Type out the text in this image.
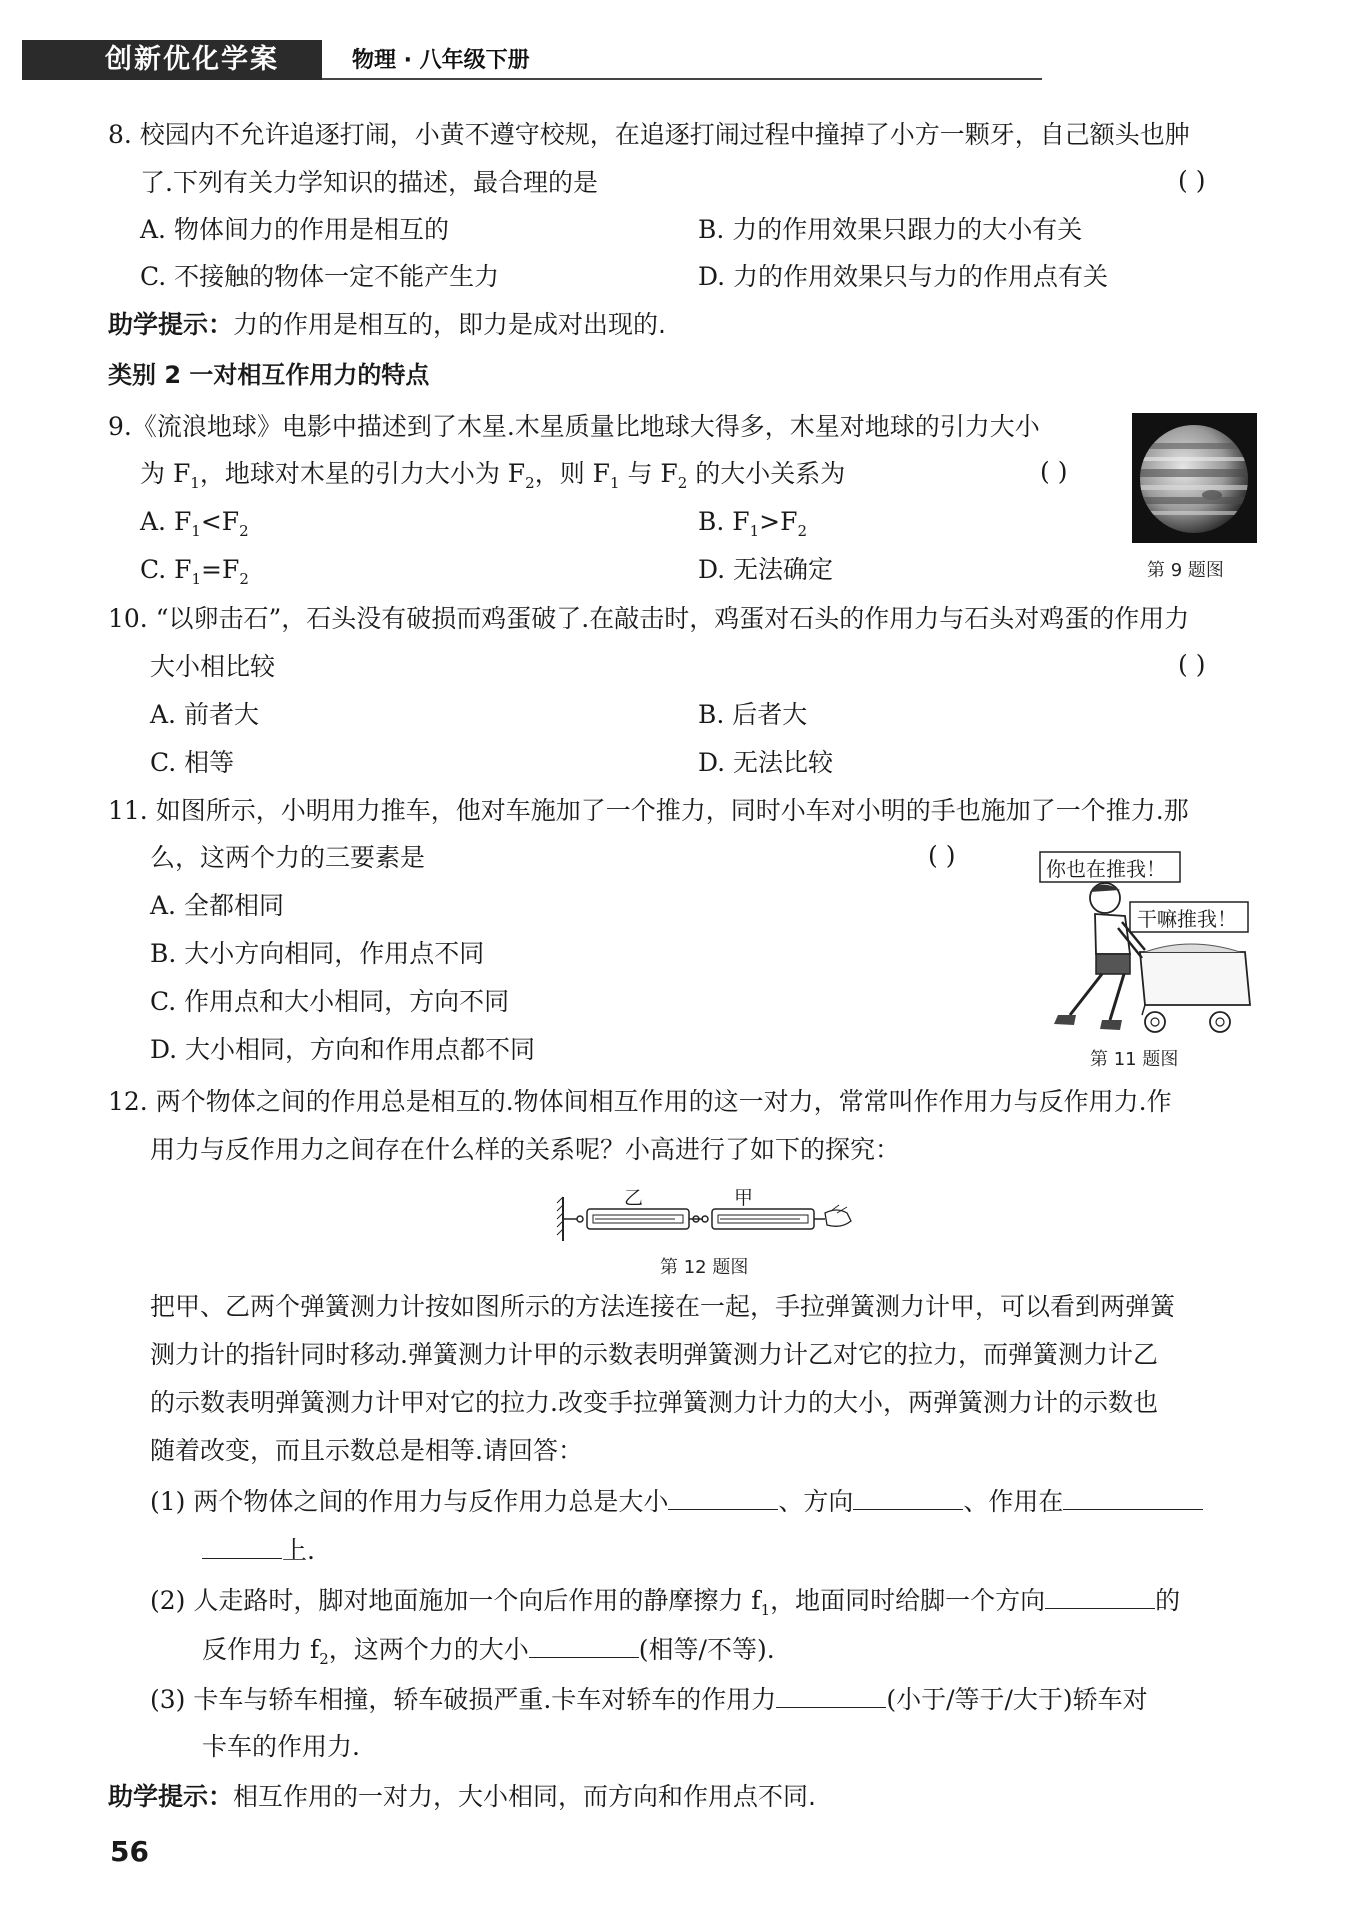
创新优化学案	物理 · 八年级下册
8. 校园内不允许追逐打闹，小黄不遵守校规，在追逐打闹过程中撞掉了小方一颗牙，自己额头也肿
了.下列有关力学知识的描述，最合理的是	( )
A. 物体间力的作用是相互的	B. 力的作用效果只跟力的大小有关
C. 不接触的物体一定不能产生力	D. 力的作用效果只与力的作用点有关
助学提示：力的作用是相互的，即力是成对出现的.
类别 2 一对相互作用力的特点
9.《流浪地球》电影中描述到了木星.木星质量比地球大得多，木星对地球的引力大小
为 $F_1$，地球对木星的引力大小为 $F_2$，则 $F_1$ 与 $F_2$ 的大小关系为	( )
A. $F_1<F_2$	B. $F_1>F_2$
C. $F_1=F_2$	D. 无法确定	第 9 题图
10. “以卵击石”，石头没有破损而鸡蛋破了.在敲击时，鸡蛋对石头的作用力与石头对鸡蛋的作用力
大小相比较	( )
A. 前者大	B. 后者大
C. 相等	D. 无法比较
11. 如图所示，小明用力推车，他对车施加了一个推力，同时小车对小明的手也施加了一个推力.那
么，这两个力的三要素是	( )
A. 全都相同
B. 大小方向相同，作用点不同
C. 作用点和大小相同，方向不同
D. 大小相同，方向和作用点都不同
你也在推我！
干嘛推我！
第 11 题图
12. 两个物体之间的作用总是相互的.物体间相互作用的这一对力，常常叫作作用力与反作用力.作
用力与反作用力之间存在什么样的关系呢？小高进行了如下的探究：
乙	甲
第 12 题图
把甲、乙两个弹簧测力计按如图所示的方法连接在一起，手拉弹簧测力计甲，可以看到两弹簧
测力计的指针同时移动.弹簧测力计甲的示数表明弹簧测力计乙对它的拉力，而弹簧测力计乙
的示数表明弹簧测力计甲对它的拉力.改变手拉弹簧测力计力的大小，两弹簧测力计的示数也
随着改变，而且示数总是相等.请回答：
(1) 两个物体之间的作用力与反作用力总是大小	、方向	、作用在
上.
(2) 人走路时，脚对地面施加一个向后作用的静摩擦力 $f_1$，地面同时给脚一个方向	的
反作用力 $f_2$，这两个力的大小	(相等/不等).
(3) 卡车与轿车相撞，轿车破损严重.卡车对轿车的作用力	(小于/等于/大于)轿车对
卡车的作用力.
助学提示：相互作用的一对力，大小相同，而方向和作用点不同.
56
